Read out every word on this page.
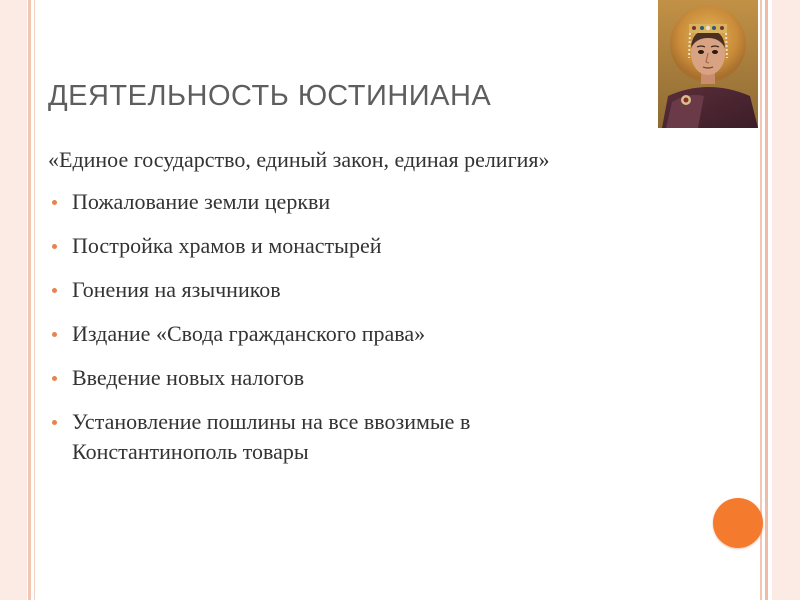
ДЕЯТЕЛЬНОСТЬ ЮСТИНИАНА
«Единое государство, единый закон, единая религия»
Пожалование земли церкви
Постройка храмов и монастырей
Гонения на язычников
Издание «Свода гражданского права»
Введение новых налогов
Установление пошлины на все ввозимые в Константинополь товары
